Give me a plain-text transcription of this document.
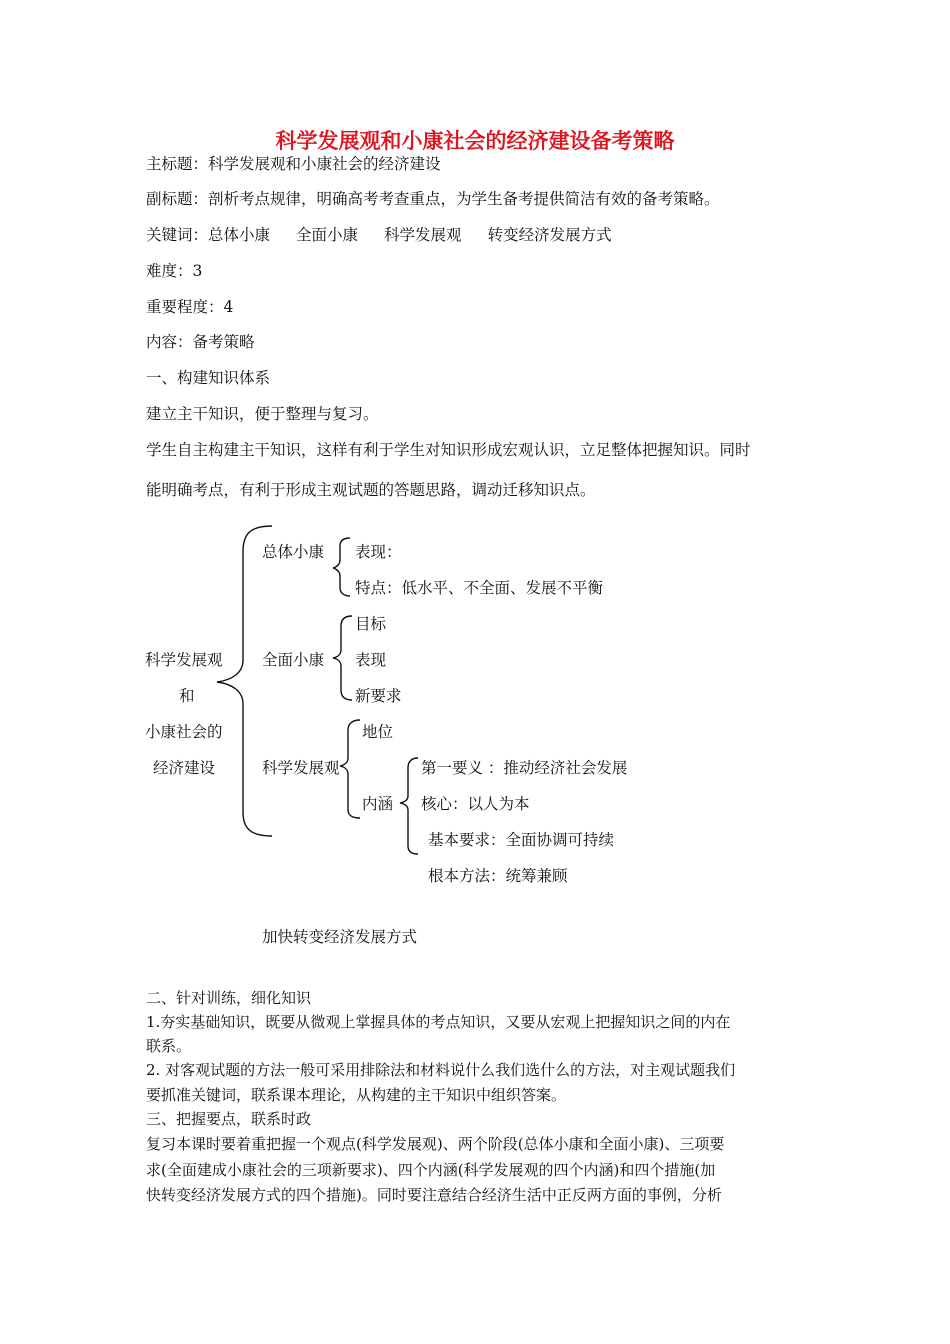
科学发展观和小康社会的经济建设备考策略
主标题：科学发展观和小康社会的经济建设
副标题：剖析考点规律，明确高考考查重点，为学生备考提供简洁有效的备考策略。
关键词：总体小康 全面小康 科学发展观 转变经济发展方式
难度：3
重要程度：4
内容：备考策略
一、构建知识体系
建立主干知识，便于整理与复习。
学生自主构建主干知识，这样有利于学生对知识形成宏观认识，立足整体把握知识。同时
能明确考点，有利于形成主观试题的答题思路，调动迁移知识点。
科学发展观
和
小康社会的
经济建设
总体小康 表现：
特点：低水平、不全面、发展不平衡
全面小康
目标
表现
新要求
科学发展观
地位
内涵
第一要义 ：推动经济社会发展
核心：以人为本
基本要求：全面协调可持续
根本方法：统筹兼顾
加快转变经济发展方式
二、针对训练，细化知识
1.夯实基础知识，既要从微观上掌握具体的考点知识，又要从宏观上把握知识之间的内在
联系。
2. 对客观试题的方法一般可采用排除法和材料说什么我们选什么的方法，对主观试题我们
要抓准关键词，联系课本理论，从构建的主干知识中组织答案。
三、把握要点，联系时政
复习本课时要着重把握一个观点(科学发展观)、两个阶段(总体小康和全面小康)、三项要
求(全面建成小康社会的三项新要求)、四个内涵(科学发展观的四个内涵)和四个措施(加
快转变经济发展方式的四个措施)。同时要注意结合经济生活中正反两方面的事例，分析
